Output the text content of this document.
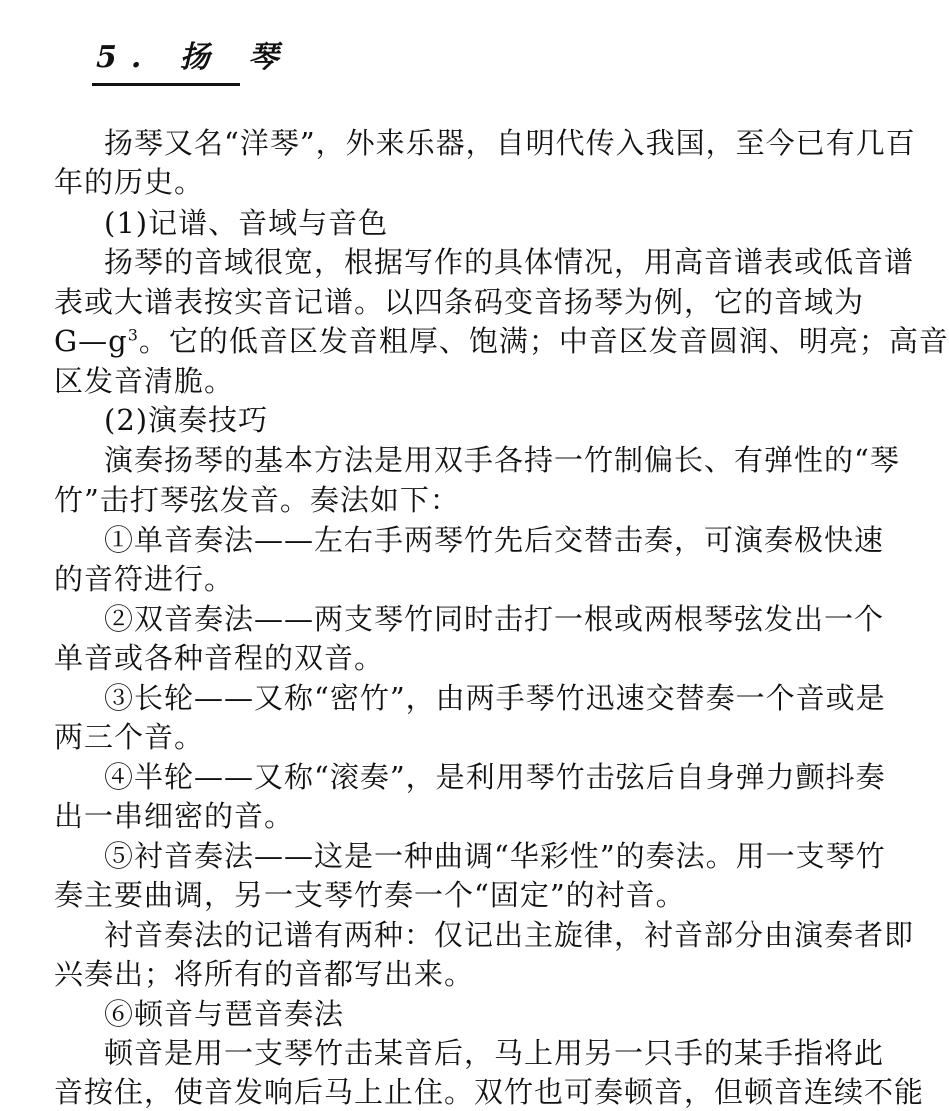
5. 扬 琴
扬琴又名“洋琴”，外来乐器，自明代传入我国，至今已有几百
年的历史。
(1)记谱、音域与音色
扬琴的音域很宽，根据写作的具体情况，用高音谱表或低音谱
表或大谱表按实音记谱。以四条码变音扬琴为例，它的音域为
$G—g^3$。它的低音区发音粗厚、饱满；中音区发音圆润、明亮；高音
区发音清脆。
(2)演奏技巧
演奏扬琴的基本方法是用双手各持一竹制偏长、有弹性的“琴
竹”击打琴弦发音。奏法如下：
①单音奏法——左右手两琴竹先后交替击奏，可演奏极快速
的音符进行。
②双音奏法——两支琴竹同时击打一根或两根琴弦发出一个
单音或各种音程的双音。
③长轮——又称“密竹”，由两手琴竹迅速交替奏一个音或是
两三个音。
④半轮——又称“滚奏”，是利用琴竹击弦后自身弹力颤抖奏
出一串细密的音。
⑤衬音奏法——这是一种曲调“华彩性”的奏法。用一支琴竹
奏主要曲调，另一支琴竹奏一个“固定”的衬音。
衬音奏法的记谱有两种：仅记出主旋律，衬音部分由演奏者即
兴奏出；将所有的音都写出来。
⑥顿音与琶音奏法
顿音是用一支琴竹击某音后，马上用另一只手的某手指将此
音按住，使音发响后马上止住。双竹也可奏顿音，但顿音连续不能
